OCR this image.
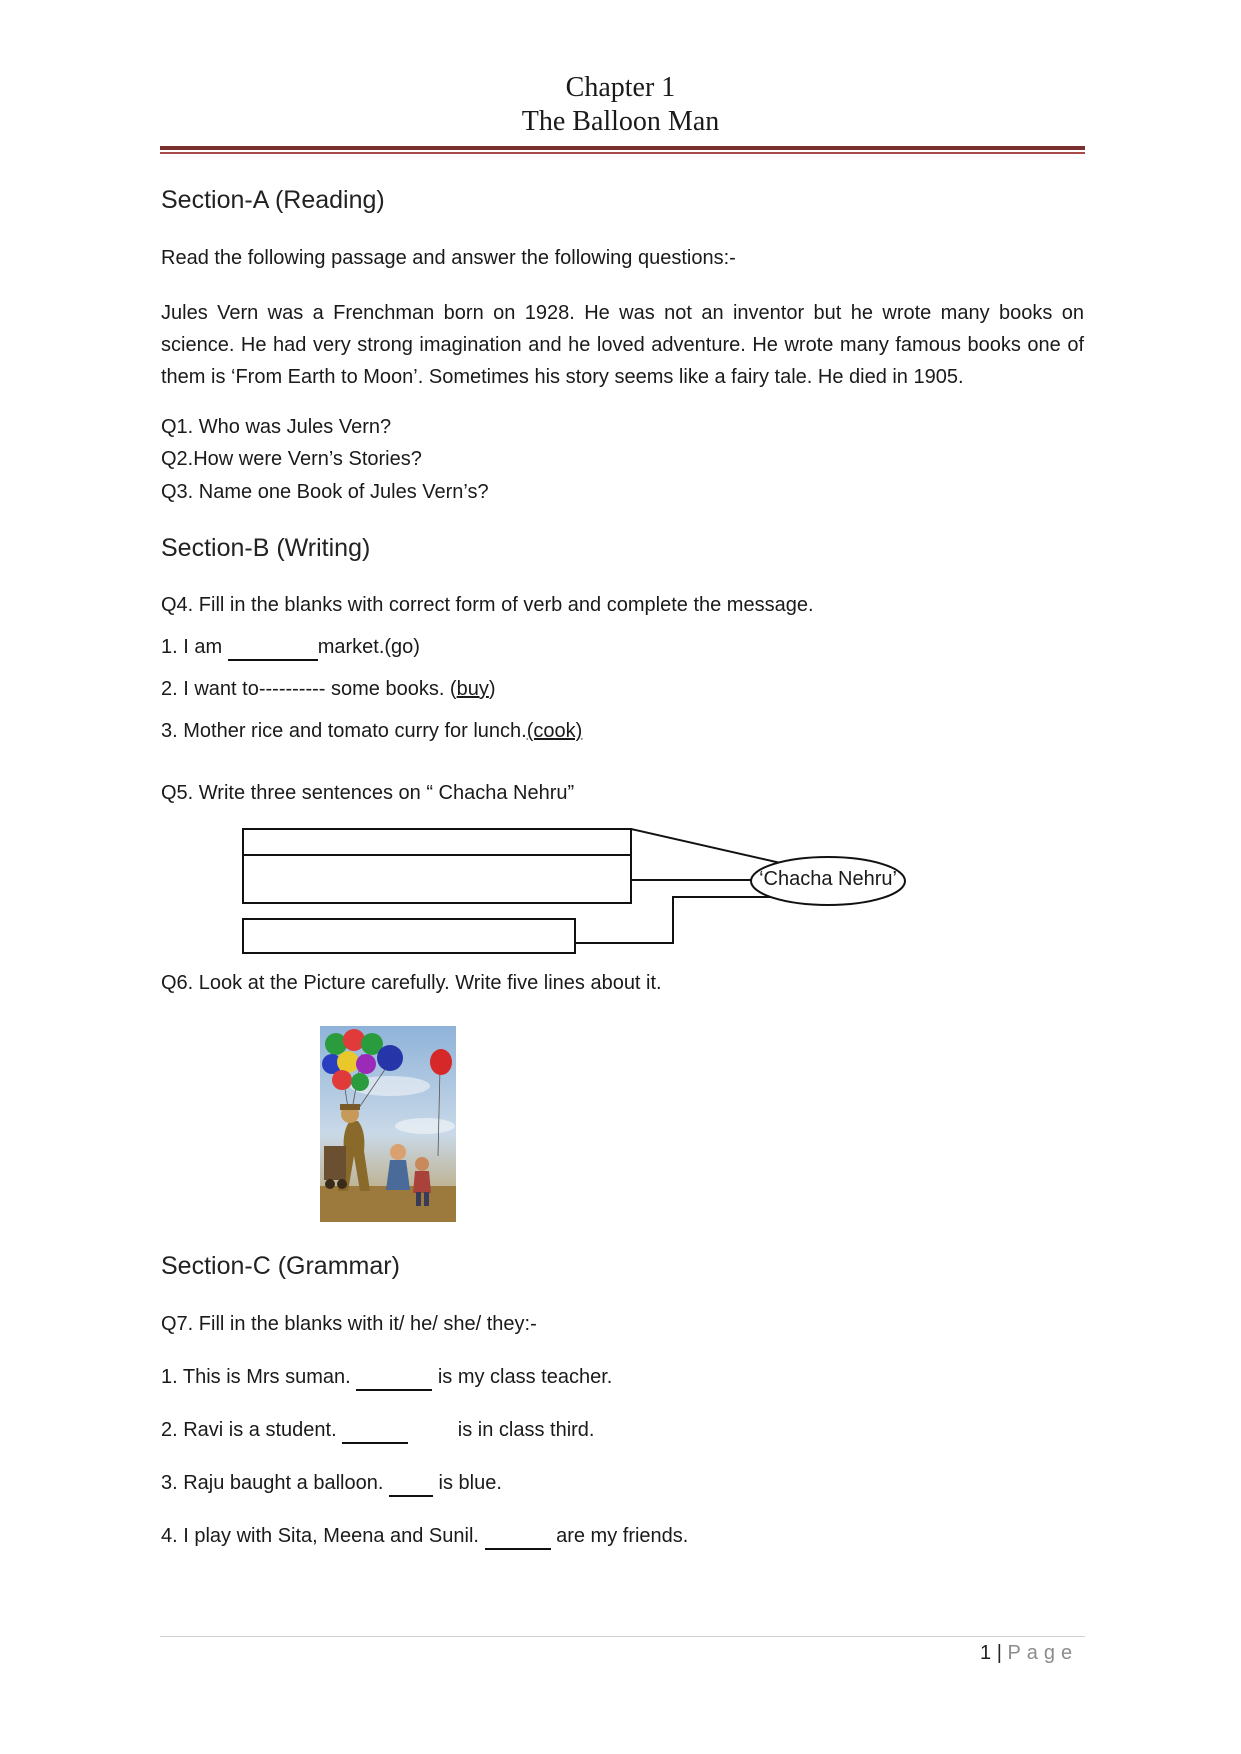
Chapter 1
The Balloon Man
Section-A (Reading)
Read the following passage and answer the following questions:-
Jules Vern was a Frenchman born on 1928. He was not an inventor but he wrote many books on science. He had very strong imagination and he loved adventure. He wrote many famous books one of them is ‘From Earth to Moon’. Sometimes his story seems like a fairy tale. He died in 1905.
Q1. Who was Jules Vern?
Q2.How were Vern’s Stories?
Q3. Name one Book of Jules Vern’s?
Section-B (Writing)
Q4. Fill in the blanks with correct form of verb and complete the message.
1. I am	market.(go)
2. I want to---------- some books. (buy)
3. Mother rice and tomato curry for lunch.(cook)
Q5. Write three sentences on “ Chacha Nehru”
‘Chacha Nehru’
Q6. Look at the Picture carefully. Write five lines about it.
Section-C (Grammar)
Q7. Fill in the blanks with it/ he/ she/ they:-
1. This is Mrs suman.	is my class teacher.
2. Ravi is a student.	is in class third.
3. Raju baught a balloon.	is blue.
4. I play with Sita, Meena and Sunil.	are my friends.
1 | Page
